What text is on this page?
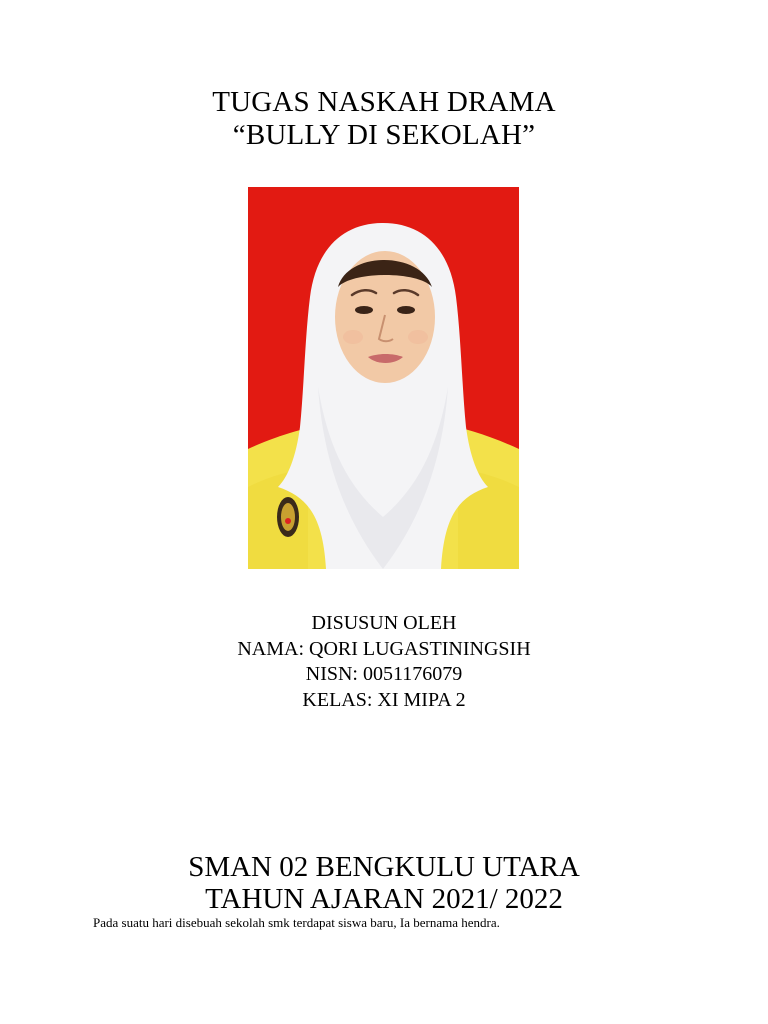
TUGAS NASKAH DRAMA
“BULLY DI SEKOLAH”
DISUSUN OLEH
NAMA: QORI LUGASTININGSIH
NISN: 0051176079
KELAS: XI MIPA 2
SMAN 02 BENGKULU UTARA
TAHUN AJARAN 2021/ 2022
Pada suatu hari disebuah sekolah smk terdapat siswa baru, Ia bernama hendra.
